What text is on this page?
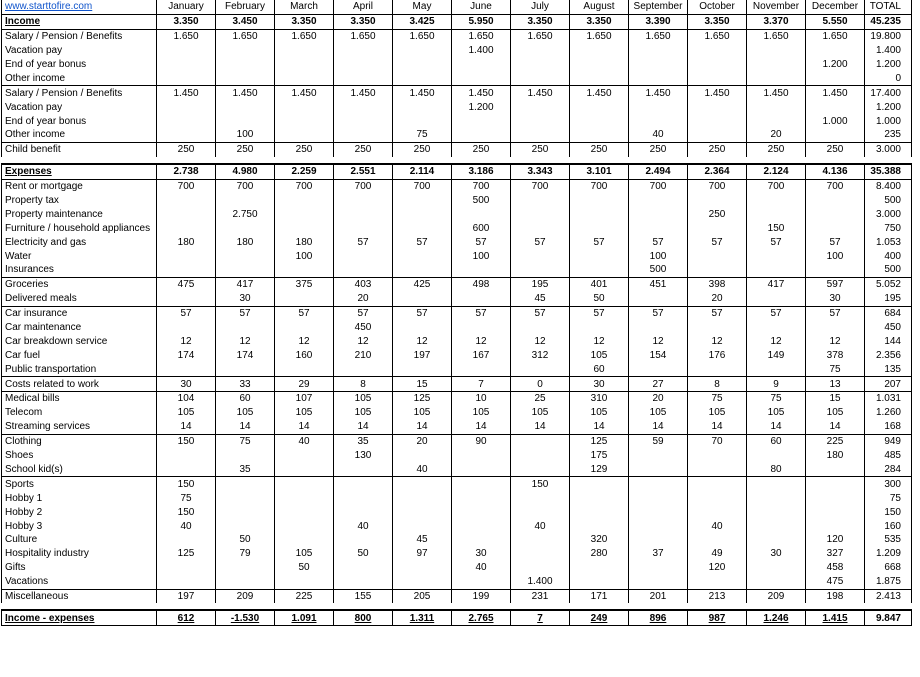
www.starttofire.com	January	February	March	April	May	June	July	August	September	October	November	December	TOTAL
Income	3.350	3.450	3.350	3.350	3.425	5.950	3.350	3.350	3.390	3.350	3.370	5.550	45.235
Salary / Pension / Benefits	1.650	1.650	1.650	1.650	1.650	1.650	1.650	1.650	1.650	1.650	1.650	1.650	19.800
Vacation pay						1.400							1.400
End of year bonus												1.200	1.200
Other income													0
Salary / Pension / Benefits	1.450	1.450	1.450	1.450	1.450	1.450	1.450	1.450	1.450	1.450	1.450	1.450	17.400
Vacation pay						1.200							1.200
End of year bonus												1.000	1.000
Other income		100			75				40		20		235
Child benefit	250	250	250	250	250	250	250	250	250	250	250	250	3.000

Expenses	2.738	4.980	2.259	2.551	2.114	3.186	3.343	3.101	2.494	2.364	2.124	4.136	35.388
Rent or mortgage	700	700	700	700	700	700	700	700	700	700	700	700	8.400
Property tax						500							500
Property maintenance		2.750								250			3.000
Furniture / household appliances						600					150		750
Electricity and gas	180	180	180	57	57	57	57	57	57	57	57	57	1.053
Water			100			100			100			100	400
Insurances									500				500
Groceries	475	417	375	403	425	498	195	401	451	398	417	597	5.052
Delivered meals		30		20			45	50		20		30	195
Car insurance	57	57	57	57	57	57	57	57	57	57	57	57	684
Car maintenance				450									450
Car breakdown service	12	12	12	12	12	12	12	12	12	12	12	12	144
Car fuel	174	174	160	210	197	167	312	105	154	176	149	378	2.356
Public transportation								60				75	135
Costs related to work	30	33	29	8	15	7	0	30	27	8	9	13	207
Medical bills	104	60	107	105	125	10	25	310	20	75	75	15	1.031
Telecom	105	105	105	105	105	105	105	105	105	105	105	105	1.260
Streaming services	14	14	14	14	14	14	14	14	14	14	14	14	168
Clothing	150	75	40	35	20	90		125	59	70	60	225	949
Shoes				130				175				180	485
School kid(s)		35			40			129			80		284
Sports	150						150						300
Hobby 1	75												75
Hobby 2	150												150
Hobby 3	40			40			40			40			160
Culture		50			45			320				120	535
Hospitality industry	125	79	105	50	97	30		280	37	49	30	327	1.209
Gifts			50			40				120		458	668
Vacations							1.400					475	1.875
Miscellaneous	197	209	225	155	205	199	231	171	201	213	209	198	2.413

Income - expenses	612	-1.530	1.091	800	1.311	2.765	7	249	896	987	1.246	1.415	9.847
